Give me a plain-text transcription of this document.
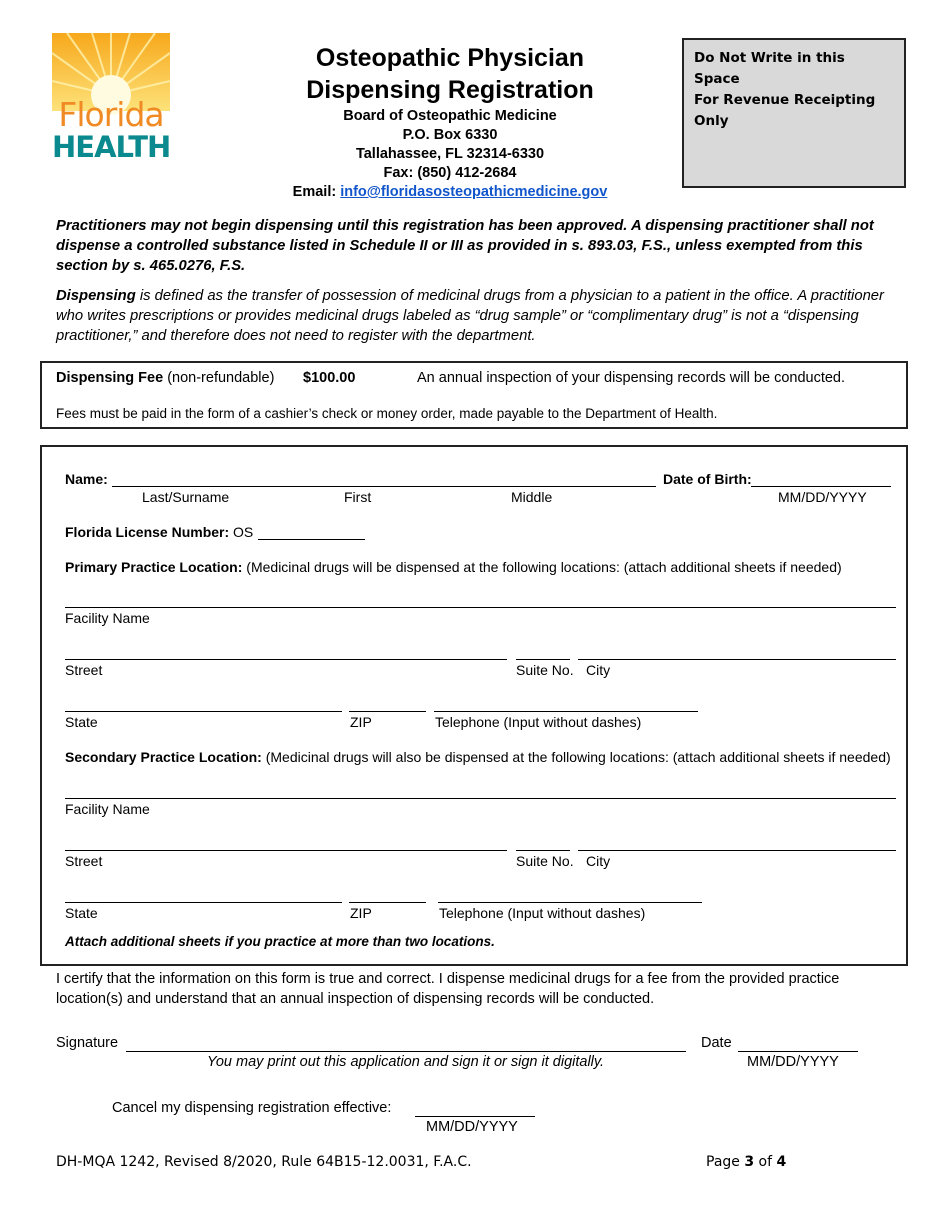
Florida
HEALTH
Osteopathic Physician
Dispensing Registration
Board of Osteopathic Medicine
P.O. Box 6330
Tallahassee, FL 32314-6330
Fax: (850) 412-2684
Email: info@floridasosteopathicmedicine.gov
Do Not Write in this Space
For Revenue Receipting Only
Practitioners may not begin dispensing until this registration has been approved. A dispensing practitioner shall not dispense a controlled substance listed in Schedule II or III as provided in s. 893.03, F.S., unless exempted from this section by s. 465.0276, F.S.
Dispensing is defined as the transfer of possession of medicinal drugs from a physician to a patient in the office. A practitioner who writes prescriptions or provides medicinal drugs labeled as “drug sample” or “complimentary drug” is not a “dispensing practitioner,” and therefore does not need to register with the department.
Dispensing Fee (non-refundable) $100.00	An annual inspection of your dispensing records will be conducted.
Fees must be paid in the form of a cashier’s check or money order, made payable to the Department of Health.
Name:	Date of Birth:
Last/Surname	First	Middle	MM/DD/YYYY
Florida License Number: OS
Primary Practice Location: (Medicinal drugs will be dispensed at the following locations: (attach additional sheets if needed)
Facility Name
Street	Suite No. City
State	ZIP	Telephone (Input without dashes)
Secondary Practice Location: (Medicinal drugs will also be dispensed at the following locations: (attach additional sheets if needed)
Facility Name
Street	Suite No. City
State	ZIP	Telephone (Input without dashes)
Attach additional sheets if you practice at more than two locations.
I certify that the information on this form is true and correct. I dispense medicinal drugs for a fee from the provided practice location(s) and understand that an annual inspection of dispensing records will be conducted.
Signature
You may print out this application and sign it or sign it digitally.
Date
MM/DD/YYYY
Cancel my dispensing registration effective:
MM/DD/YYYY
DH-MQA 1242, Revised 8/2020, Rule 64B15-12.0031, F.A.C.	Page 3 of 4
